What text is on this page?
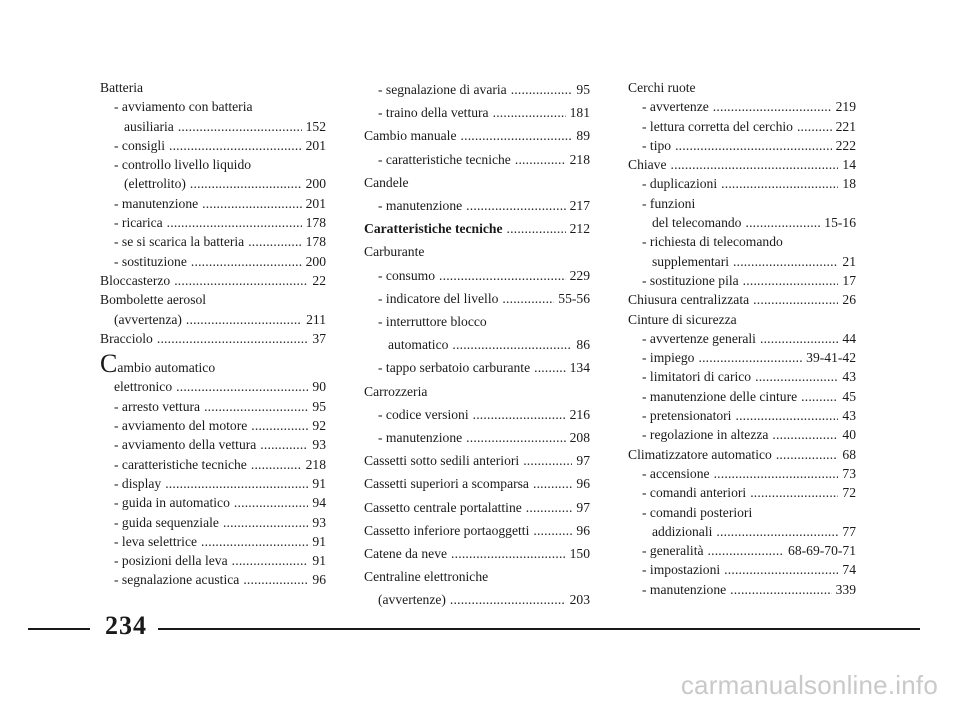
Batteria
- avviamento con batteria
ausiliaria . . .	152
- consigli . . .	201
- controllo livello liquido
(elettrolito) . . .	200
- manutenzione . . .	201
- ricarica . . .	178
- se si scarica la batteria . . .	178
- sostituzione . . .	200
Bloccasterzo . . .	22
Bombolette aerosol
(avvertenza) . . .	211
Bracciolo . . .	37
Cambio automatico
elettronico . . .	90
- arresto vettura . . .	95
- avviamento del motore . . .	92
- avviamento della vettura . . .	93
- caratteristiche tecniche . . .	218
- display . . .	91
- guida in automatico . . .	94
- guida sequenziale . . .	93
- leva selettrice . . .	91
- posizioni della leva . . .	91
- segnalazione acustica . . .	96
- segnalazione di avaria . . .	95
- traino della vettura . . .	181
Cambio manuale . . .	89
- caratteristiche tecniche . . .	218
Candele
- manutenzione . . .	217
Caratteristiche tecniche . . .	212
Carburante
- consumo . . .	229
- indicatore del livello . . .	55-56
- interruttore blocco
automatico . . .	86
- tappo serbatoio carburante . . .	134
Carrozzeria
- codice versioni . . .	216
- manutenzione . . .	208
Cassetti sotto sedili anteriori . . .	97
Cassetti superiori a scomparsa . . .	96
Cassetto centrale portalattine . . .	97
Cassetto inferiore portaoggetti . . .	96
Catene da neve . . .	150
Centraline elettroniche
(avvertenze) . . .	203
Cerchi ruote
- avvertenze . . .	219
- lettura corretta del cerchio . . .	221
- tipo . . .	222
Chiave . . .	14
- duplicazioni . . .	18
- funzioni
del telecomando . . .	15-16
- richiesta di telecomando
supplementari . . .	21
- sostituzione pila . . .	17
Chiusura centralizzata . . .	26
Cinture di sicurezza
- avvertenze generali . . .	44
- impiego . . .	39-41-42
- limitatori di carico . . .	43
- manutenzione delle cinture . . .	45
- pretensionatori . . .	43
- regolazione in altezza . . .	40
Climatizzatore automatico . . .	68
- accensione . . .	73
- comandi anteriori . . .	72
- comandi posteriori
addizionali . . .	77
- generalità . . .	68-69-70-71
- impostazioni . . .	74
- manutenzione . . .	339
234
carmanualsonline.info
